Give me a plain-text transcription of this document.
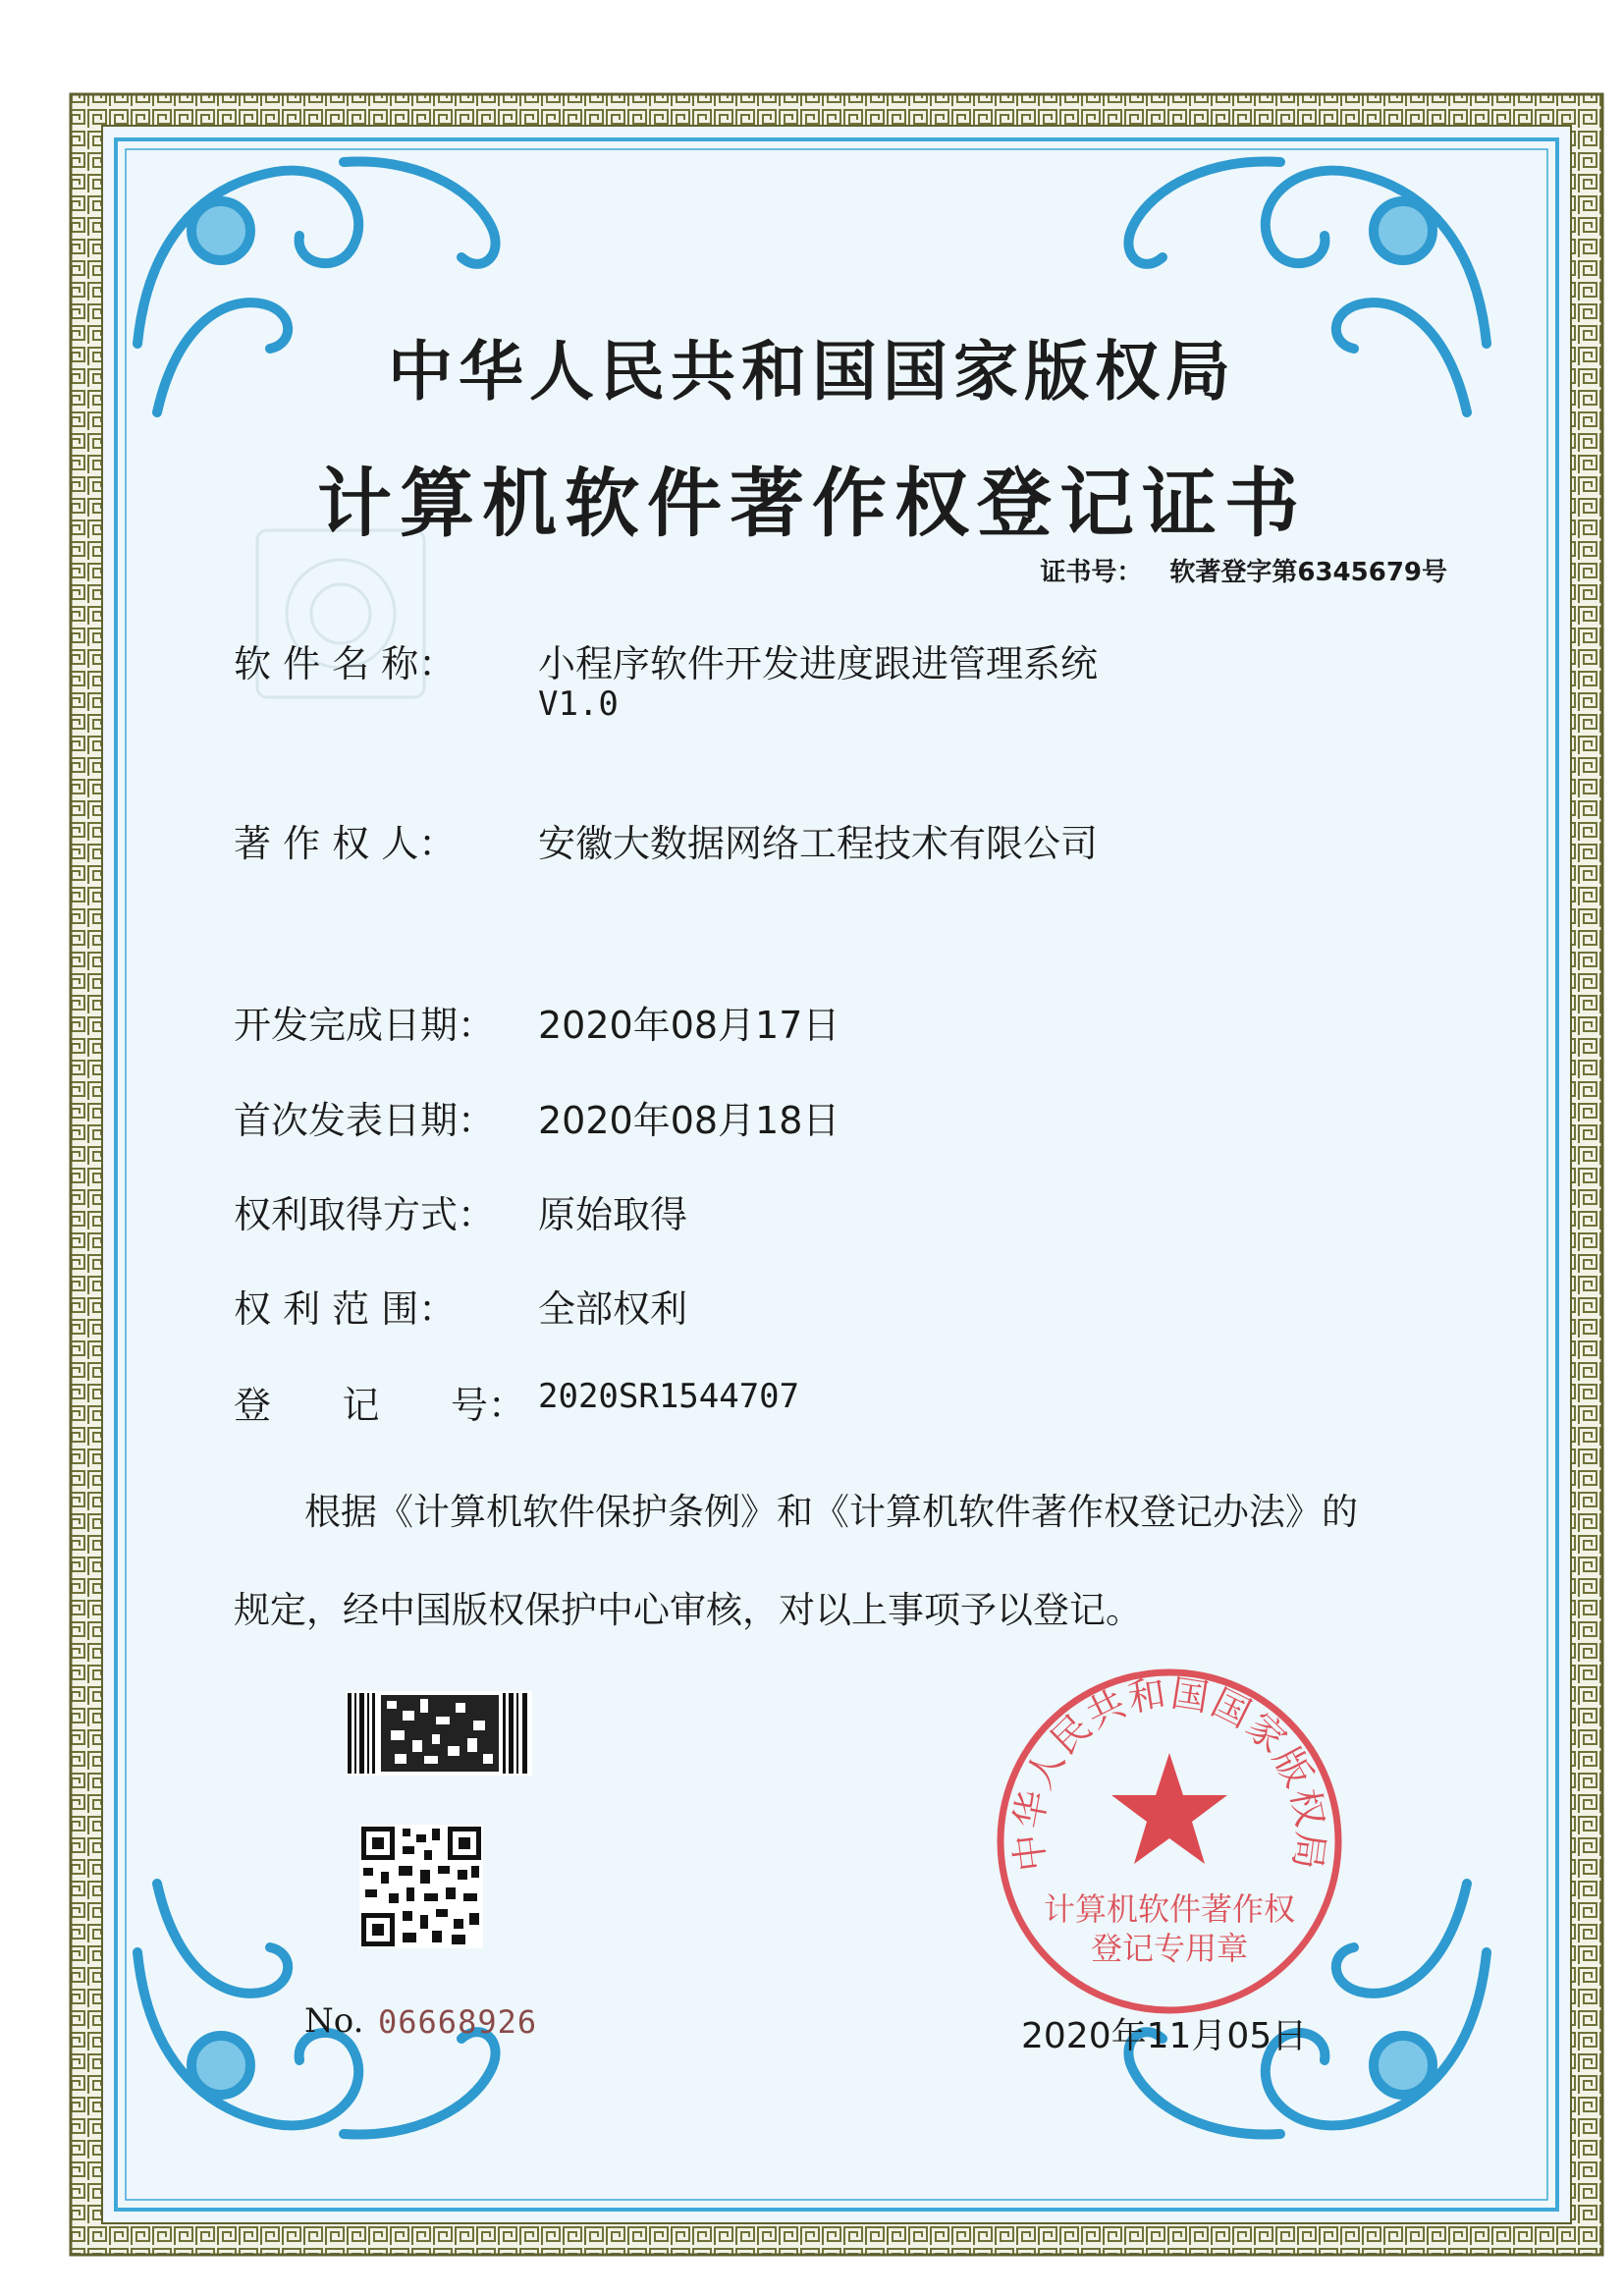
中华人民共和国国家版权局
计算机软件著作权登记证书
证书号： 软著登字第6345679号
软 件 名 称：	小程序软件开发进度跟进管理系统
V1.0
著 作 权 人：	安徽大数据网络工程技术有限公司
开发完成日期： 2020年08月17日
首次发表日期： 2020年08月18日
权利取得方式： 原始取得
权 利 范 围：	全部权利
登      记      号： 2020SR1544707
根据《计算机软件保护条例》和《计算机软件著作权登记办法》的
规定，经中国版权保护中心审核，对以上事项予以登记。
No. 06668926
中华人民共和国国家版权局
计算机软件著作权
登记专用章
2020年11月05日
